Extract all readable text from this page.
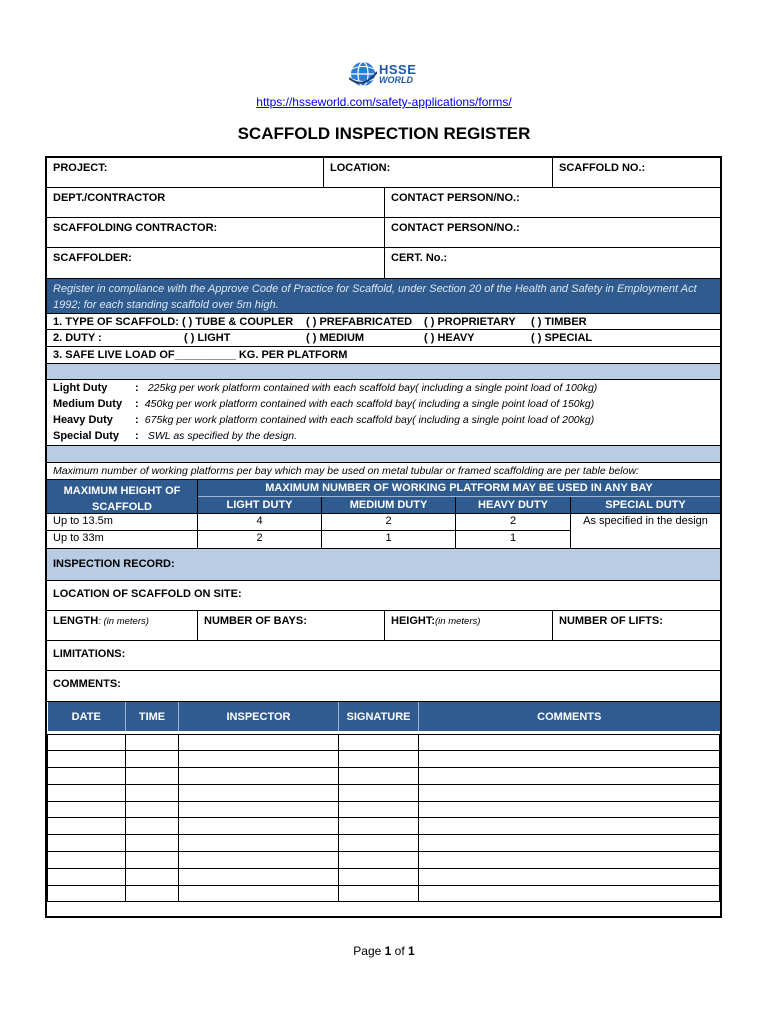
HSSE
WORLD
https://hsseworld.com/safety-applications/forms/
SCAFFOLD INSPECTION REGISTER
PROJECT:	LOCATION:	SCAFFOLD NO.:
DEPT./CONTRACTOR	CONTACT PERSON/NO.:
SCAFFOLDING CONTRACTOR:	CONTACT PERSON/NO.:
SCAFFOLDER:	CERT. No.:
Register in compliance with the Approve Code of Practice for Scaffold, under Section 20 of the Health and Safety in Employment Act 1992; for each standing scaffold over 5m high.
1. TYPE OF SCAFFOLD: ( ) TUBE & COUPLER	( ) PREFABRICATED	( ) PROPRIETARY	( ) TIMBER
2. DUTY :	( ) LIGHT	( ) MEDIUM	( ) HEAVY	( ) SPECIAL
3. SAFE LIVE LOAD OF__________ KG. PER PLATFORM
Light Duty	:   225kg per work platform contained with each scaffold bay( including a single point load of 100kg)
Medium Duty :  450kg per work platform contained with each scaffold bay( including a single point load of 150kg)
Heavy Duty :  675kg per work platform contained with each scaffold bay( including a single point load of 200kg)
Special Duty :   SWL as specified by the design.
Maximum number of working platforms per bay which may be used on metal tubular or framed scaffolding are per table below:
MAXIMUM HEIGHT OF SCAFFOLD
MAXIMUM NUMBER OF WORKING PLATFORM MAY BE USED IN ANY BAY
LIGHT DUTY	MEDIUM DUTY	HEAVY DUTY	SPECIAL DUTY
Up to 13.5m	4	2	2
Up to 33m	2	1	1
As specified in the design
INSPECTION RECORD:
LOCATION OF SCAFFOLD ON SITE:
LENGTH: (in meters)	NUMBER OF BAYS:	HEIGHT:(in meters)	NUMBER OF LIFTS:
LIMITATIONS:
COMMENTS:
DATE	TIME	INSPECTOR	SIGNATURE	COMMENTS

Page 1 of 1
